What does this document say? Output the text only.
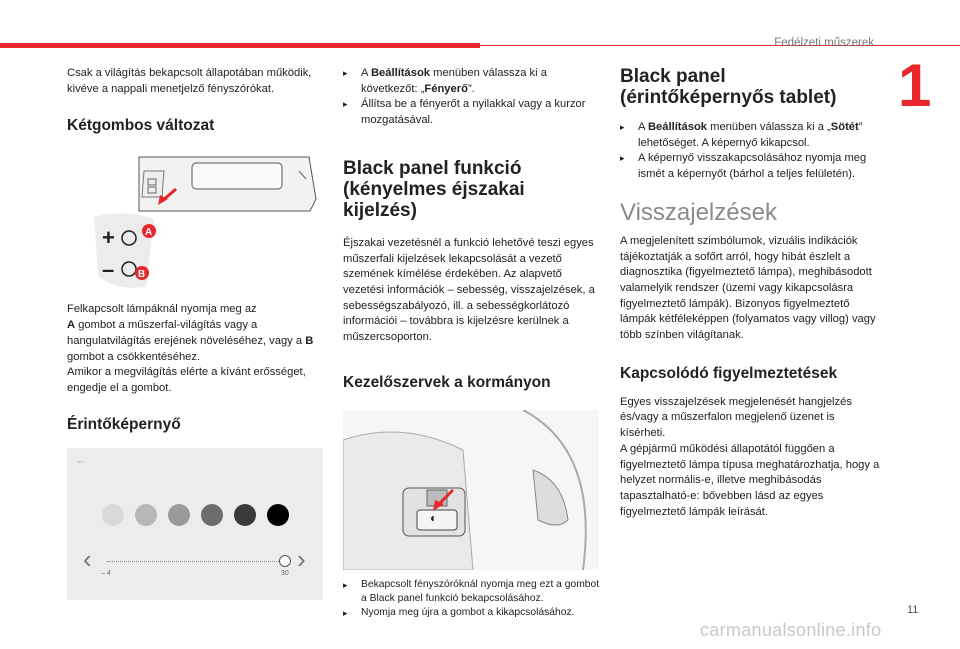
Fedélzeti műszerek
1
11
carmanualsonline.info

Csak a világítás bekapcsolt állapotában működik, kivéve a nappali menetjelző fényszórókat.

Kétgombos változat
+	A
– B

Felkapcsolt lámpáknál nyomja meg az
A gombot a műszerfal-világítás vagy a hangulatvilágítás erejének növeléséhez, vagy a B gombot a csökkentéséhez.

Amikor a megvilágítás elérte a kívánt erősséget, engedje el a gombot.

Érintőképernyő
←
‹	›
– 4	30
▸	A Beállítások menüben válassza ki a következőt: „Fényerő”.
▸	Állítsa be a fényerőt a nyilakkal vagy a kurzor mozgatásával.
Black panel funkció (kényelmes éjszakai kijelzés)

Éjszakai vezetésnél a funkció lehetővé teszi egyes műszerfali kijelzések lekapcsolását a vezető szemének kímélése érdekében. Az alapvető vezetési információk – sebesség, visszajelzések, a sebességszabályozó, ill. a sebességkorlátozó információi – továbbra is kijelzésre kerülnek a műszercsoporton.

Kezelőszervek a kormányon
◐
▸	Bekapcsolt fényszóróknál nyomja meg ezt a gombot a Black panel funkció bekapcsolásához.
▸	Nyomja meg újra a gombot a kikapcsolásához.
Black panel (érintőképernyős tablet)
▸	A Beállítások menüben válassza ki a „Sötét” lehetőséget. A képernyő kikapcsol.
▸	A képernyő visszakapcsolásához nyomja meg ismét a képernyőt (bárhol a teljes felületén).
Visszajelzések

A megjelenített szimbólumok, vizuális indikációk tájékoztatják a sofőrt arról, hogy hibát észlelt a diagnosztika (figyelmeztető lámpa), meghibásodott valamelyik rendszer (üzemi vagy kikapcsolásra figyelmeztető lámpák). Bizonyos figyelmeztető lámpák kétféleképpen (folyamatos vagy villog) vagy több színben világítanak.

Kapcsolódó figyelmeztetések

Egyes visszajelzések megjelenését hangjelzés és/vagy a műszerfalon megjelenő üzenet is kísérheti.

A gépjármű működési állapotától függően a figyelmeztető lámpa típusa meghatározhatja, hogy a helyzet normális-e, illetve meghibásodás tapasztalható-e: bővebben lásd az egyes figyelmeztető lámpák leírását.
